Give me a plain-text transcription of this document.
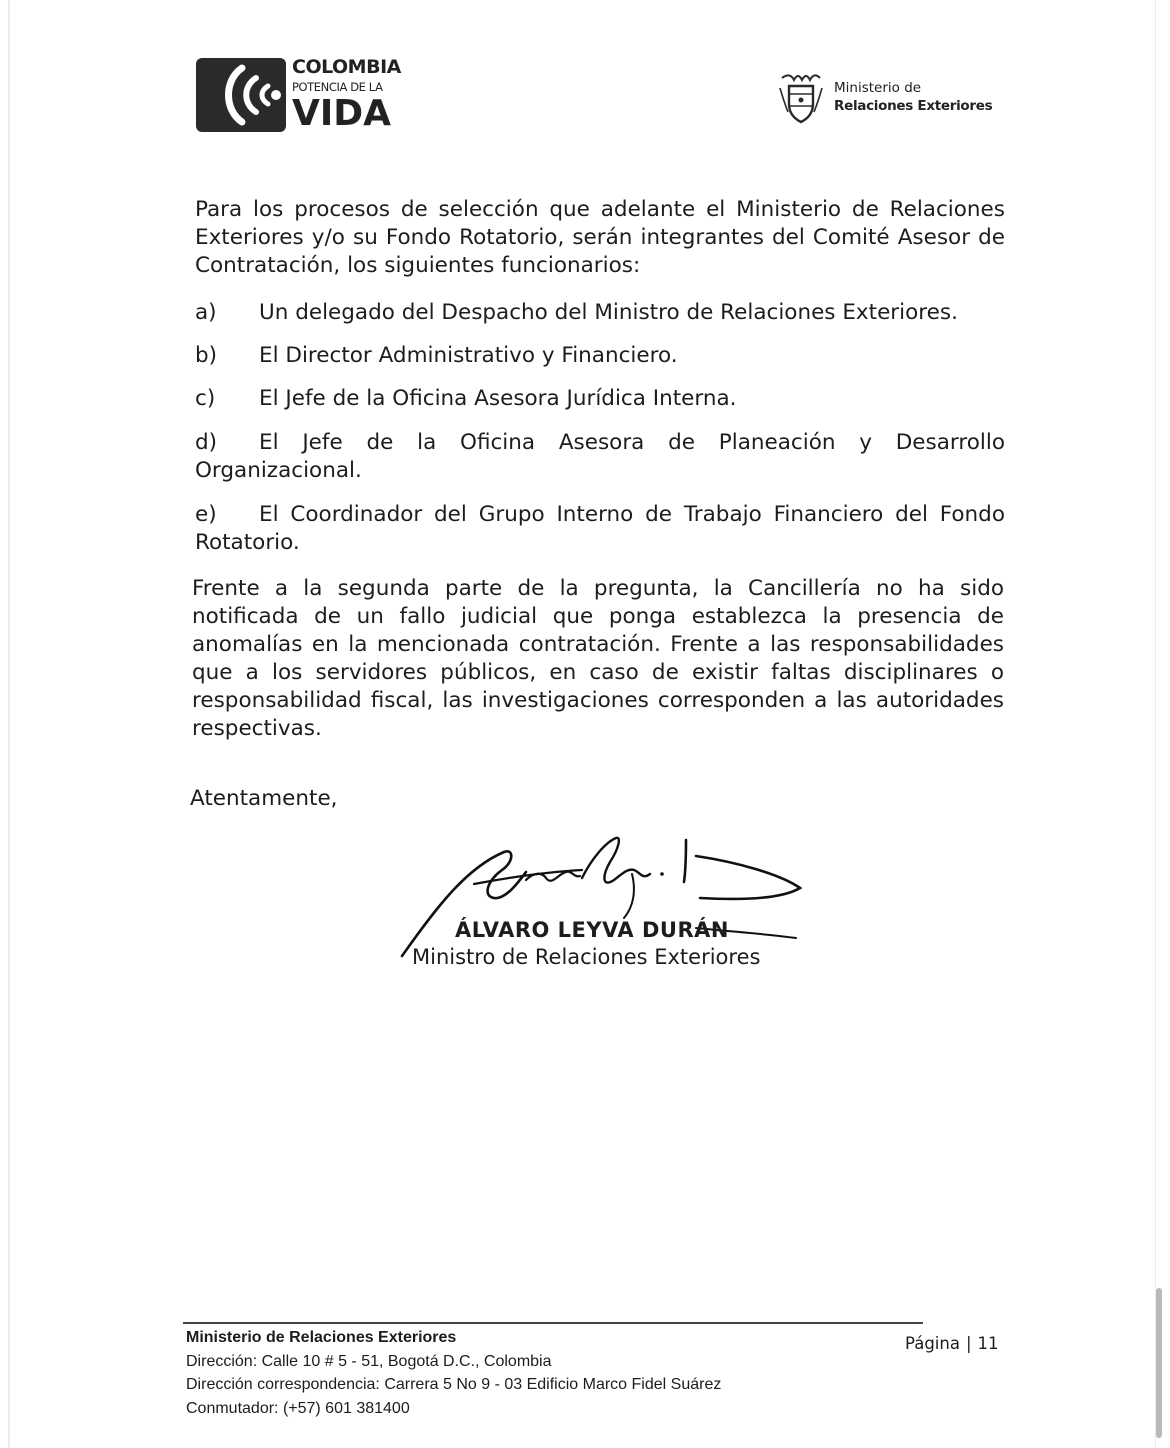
COLOMBIA
POTENCIA DE LA
VIDA
Ministerio de
Relaciones Exteriores
Para los procesos de selección que adelante el Ministerio de Relaciones Exteriores y/o su Fondo Rotatorio, serán integrantes del Comité Asesor de Contratación, los siguientes funcionarios:
a) Un delegado del Despacho del Ministro de Relaciones Exteriores.
b) El Director Administrativo y Financiero.
c) El Jefe de la Oficina Asesora Jurídica Interna.
d) El Jefe de la Oficina Asesora de Planeación y Desarrollo Organizacional.
e) El Coordinador del Grupo Interno de Trabajo Financiero del Fondo Rotatorio.
Frente a la segunda parte de la pregunta, la Cancillería no ha sido notificada de un fallo judicial que ponga establezca la presencia de anomalías en la mencionada contratación. Frente a las responsabilidades que a los servidores públicos, en caso de existir faltas disciplinares o responsabilidad fiscal, las investigaciones corresponden a las autoridades respectivas.
Atentamente,
ÁLVARO LEYVA DURÁN
Ministro de Relaciones Exteriores
Ministerio de Relaciones Exteriores
Dirección: Calle 10 # 5 - 51, Bogotá D.C., Colombia
Dirección correspondencia: Carrera 5 No 9 - 03 Edificio Marco Fidel Suárez
Conmutador: (+57) 601 381400
Página | 11
